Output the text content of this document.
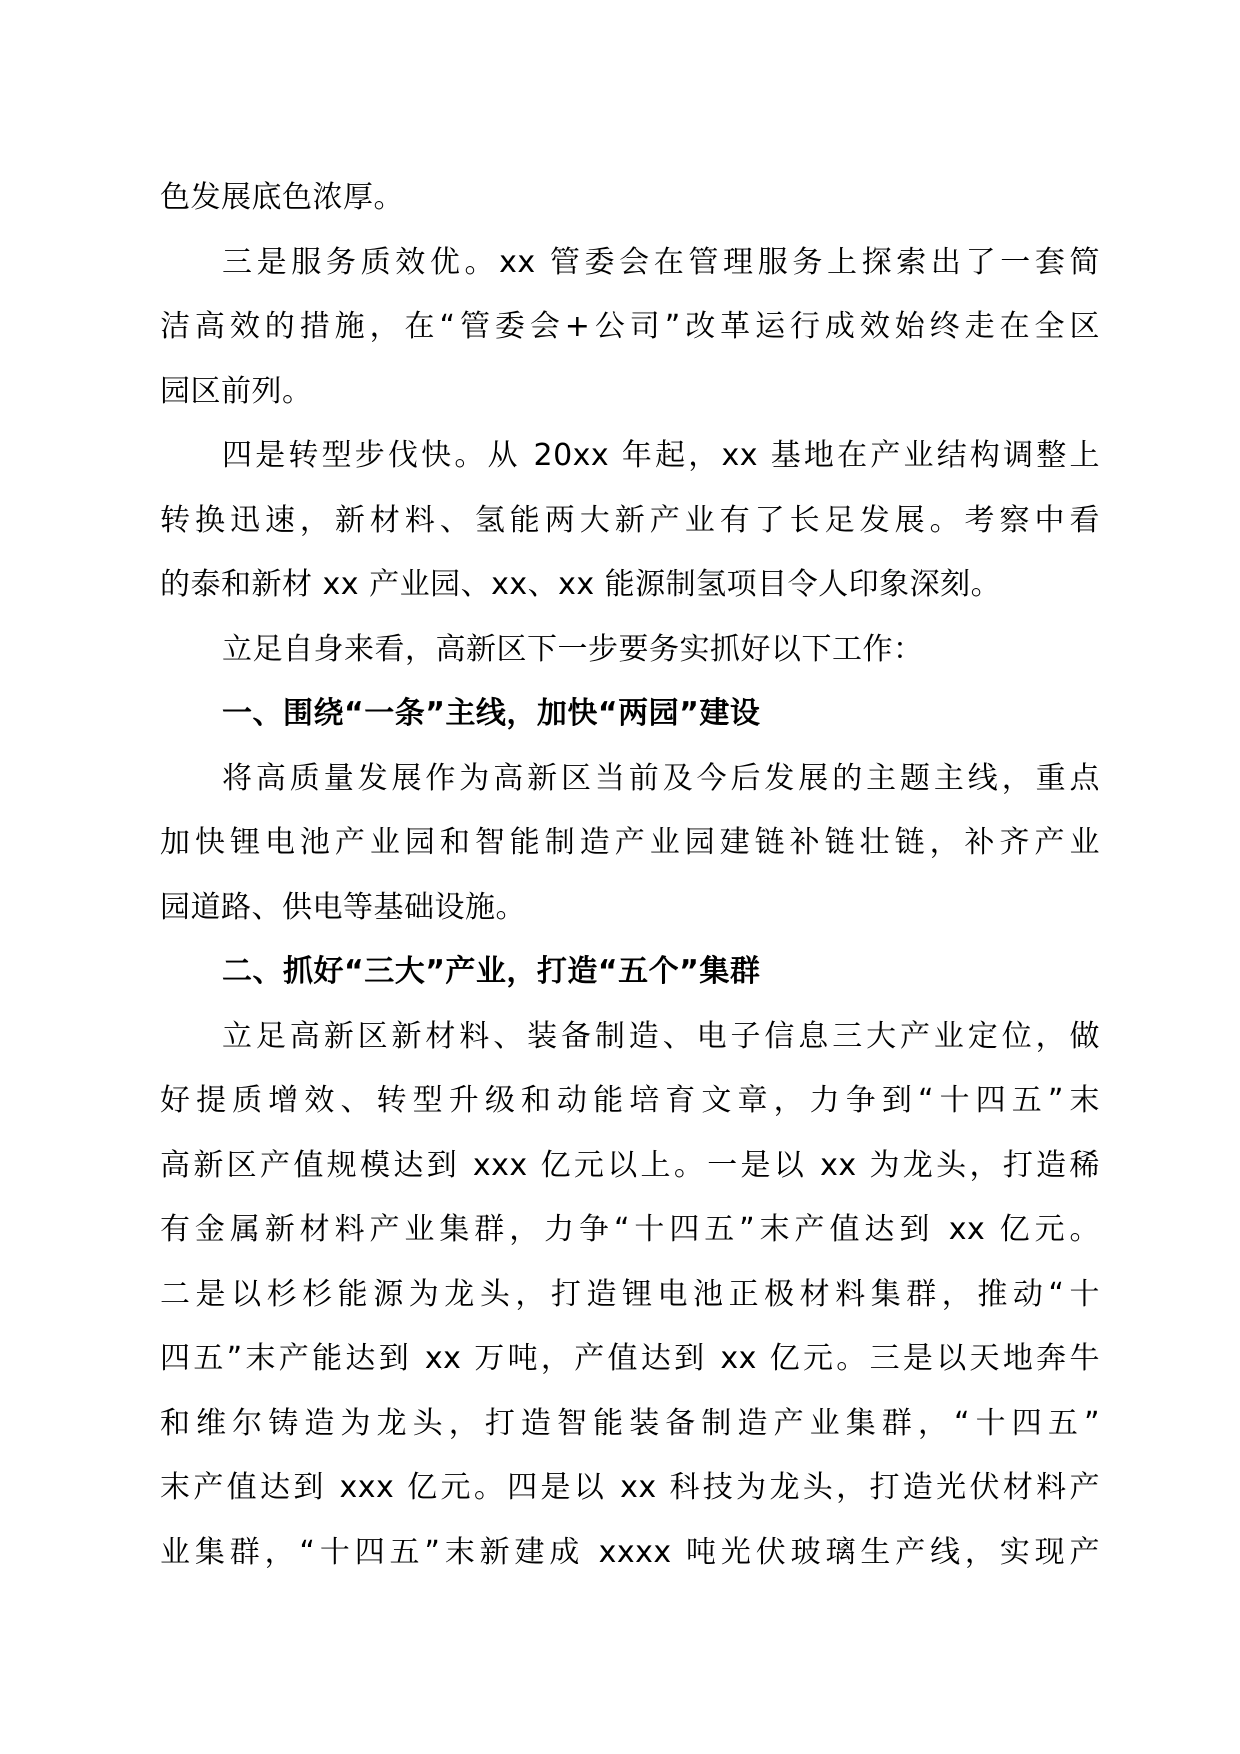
色发展底色浓厚。
三是服务质效优。xx 管委会在管理服务上探索出了一套简
洁高效的措施，在“管委会+公司”改革运行成效始终走在全区
园区前列。
四是转型步伐快。从 20xx 年起，xx 基地在产业结构调整上
转换迅速，新材料、氢能两大新产业有了长足发展。考察中看
的泰和新材 xx 产业园、xx、xx 能源制氢项目令人印象深刻。
立足自身来看，高新区下一步要务实抓好以下工作：
一、围绕“一条”主线，加快“两园”建设
将高质量发展作为高新区当前及今后发展的主题主线，重点
加快锂电池产业园和智能制造产业园建链补链壮链，补齐产业
园道路、供电等基础设施。
二、抓好“三大”产业，打造“五个”集群
立足高新区新材料、装备制造、电子信息三大产业定位，做
好提质增效、转型升级和动能培育文章，力争到“十四五”末
高新区产值规模达到 xxx 亿元以上。一是以 xx 为龙头，打造稀
有金属新材料产业集群，力争“十四五”末产值达到 xx 亿元。
二是以杉杉能源为龙头，打造锂电池正极材料集群，推动“十
四五”末产能达到 xx 万吨，产值达到 xx 亿元。三是以天地奔牛
和维尔铸造为龙头，打造智能装备制造产业集群，“十四五”
末产值达到 xxx 亿元。四是以 xx 科技为龙头，打造光伏材料产
业集群，“十四五”末新建成 xxxx 吨光伏玻璃生产线，实现产
